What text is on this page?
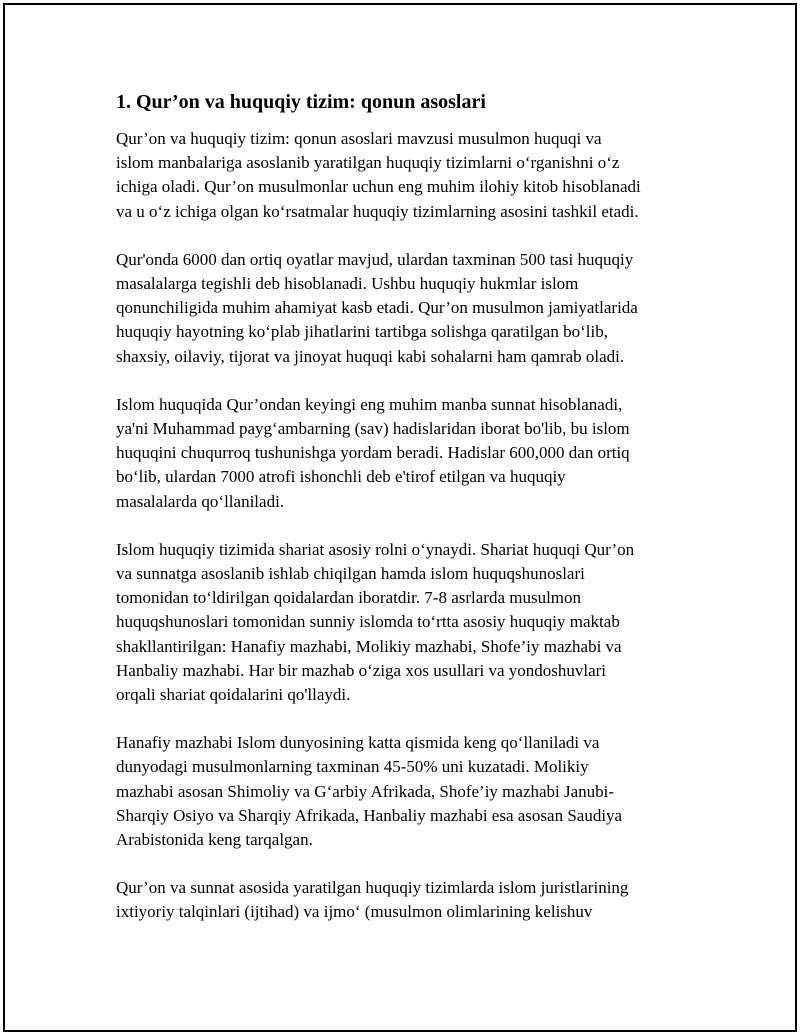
1. Qur’on va huquqiy tizim: qonun asoslari
Qur’on va huquqiy tizim: qonun asoslari mavzusi musulmon huquqi va
islom manbalariga asoslanib yaratilgan huquqiy tizimlarni o‘rganishni o‘z
ichiga oladi. Qur’on musulmonlar uchun eng muhim ilohiy kitob hisoblanadi
va u o‘z ichiga olgan ko‘rsatmalar huquqiy tizimlarning asosini tashkil etadi.
Qur'onda 6000 dan ortiq oyatlar mavjud, ulardan taxminan 500 tasi huquqiy
masalalarga tegishli deb hisoblanadi. Ushbu huquqiy hukmlar islom
qonunchiligida muhim ahamiyat kasb etadi. Qur’on musulmon jamiyatlarida
huquqiy hayotning ko‘plab jihatlarini tartibga solishga qaratilgan bo‘lib,
shaxsiy, oilaviy, tijorat va jinoyat huquqi kabi sohalarni ham qamrab oladi.
Islom huquqida Qur’ondan keyingi eng muhim manba sunnat hisoblanadi,
ya'ni Muhammad payg‘ambarning (sav) hadislaridan iborat bo'lib, bu islom
huquqini chuqurroq tushunishga yordam beradi. Hadislar 600,000 dan ortiq
bo‘lib, ulardan 7000 atrofi ishonchli deb e'tirof etilgan va huquqiy
masalalarda qo‘llaniladi.
Islom huquqiy tizimida shariat asosiy rolni o‘ynaydi. Shariat huquqi Qur’on
va sunnatga asoslanib ishlab chiqilgan hamda islom huquqshunoslari
tomonidan to‘ldirilgan qoidalardan iboratdir. 7-8 asrlarda musulmon
huquqshunoslari tomonidan sunniy islomda to‘rtta asosiy huquqiy maktab
shakllantirilgan: Hanafiy mazhabi, Molikiy mazhabi, Shofe’iy mazhabi va
Hanbaliy mazhabi. Har bir mazhab o‘ziga xos usullari va yondoshuvlari
orqali shariat qoidalarini qo'llaydi.
Hanafiy mazhabi Islom dunyosining katta qismida keng qo‘llaniladi va
dunyodagi musulmonlarning taxminan 45-50% uni kuzatadi. Molikiy
mazhabi asosan Shimoliy va G‘arbiy Afrikada, Shofe’iy mazhabi Janubi-
Sharqiy Osiyo va Sharqiy Afrikada, Hanbaliy mazhabi esa asosan Saudiya
Arabistonida keng tarqalgan.
Qur’on va sunnat asosida yaratilgan huquqiy tizimlarda islom juristlarining
ixtiyoriy talqinlari (ijtihad) va ijmo‘ (musulmon olimlarining kelishuv
